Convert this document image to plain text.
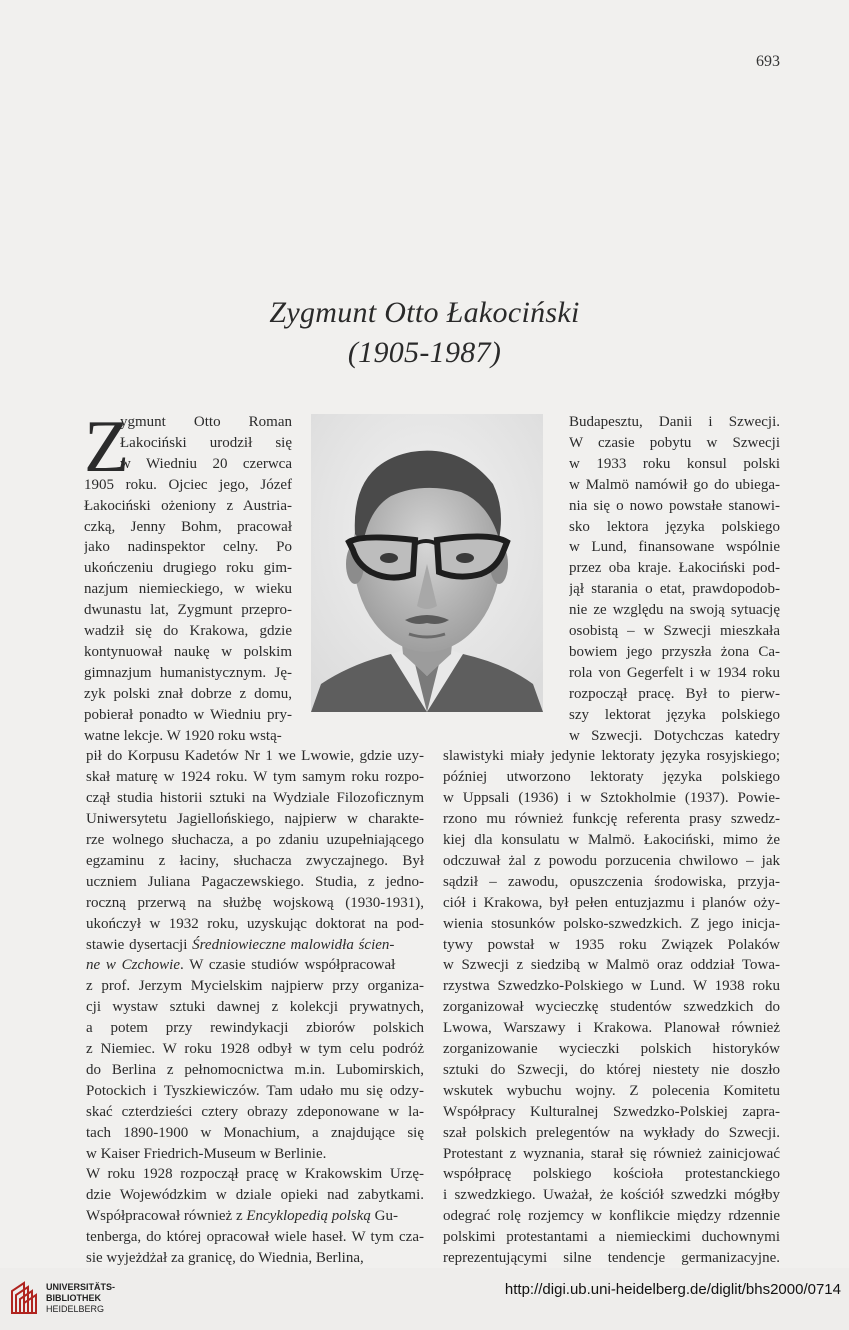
693
Zygmunt Otto Łakociński
(1905-1987)
Z
ygmunt Otto Roman
Łakociński urodził się
w Wiedniu 20 czerwca
1905 roku. Ojciec jego, Józef
Łakociński ożeniony z Austria-
czką, Jenny Bohm, pracował
jako nadinspektor celny. Po
ukończeniu drugiego roku gim-
nazjum niemieckiego, w wieku
dwunastu lat, Zygmunt przepro-
wadził się do Krakowa, gdzie
kontynuował naukę w polskim
gimnazjum humanistycznym. Ję-
zyk polski znał dobrze z domu,
pobierał ponadto w Wiedniu pry-
watne lekcje. W 1920 roku wstą-
pił do Korpusu Kadetów Nr 1 we Lwowie, gdzie uzy-
skał maturę w 1924 roku. W tym samym roku rozpo-
czął studia historii sztuki na Wydziale Filozoficznym
Uniwersytetu Jagiellońskiego, najpierw w charakte-
rze wolnego słuchacza, a po zdaniu uzupełniającego
egzaminu z łaciny, słuchacza zwyczajnego. Był
uczniem Juliana Pagaczewskiego. Studia, z jedno-
roczną przerwą na służbę wojskową (1930-1931),
ukończył w 1932 roku, uzyskując doktorat na pod-
stawie dysertacji Średniowieczne malowidła ścien-
ne w Czchowie. W czasie studiów współpracował
z prof. Jerzym Mycielskim najpierw przy organiza-
cji wystaw sztuki dawnej z kolekcji prywatnych,
a potem przy rewindykacji zbiorów polskich
z Niemiec. W roku 1928 odbył w tym celu podróż
do Berlina z pełnomocnictwa m.in. Lubomirskich,
Potockich i Tyszkiewiczów. Tam udało mu się odzy-
skać czterdzieści cztery obrazy zdeponowane w la-
tach 1890-1900 w Monachium, a znajdujące się
w Kaiser Friedrich-Museum w Berlinie.
W roku 1928 rozpoczął pracę w Krakowskim Urzę-
dzie Wojewódzkim w dziale opieki nad zabytkami.
Współpracował również z Encyklopedią polską Gu-
tenberga, do której opracował wiele haseł. W tym cza-
sie wyjeżdżał za granicę, do Wiednia, Berlina,
Budapesztu, Danii i Szwecji.
W czasie pobytu w Szwecji
w 1933 roku konsul polski
w Malmö namówił go do ubiega-
nia się o nowo powstałe stanowi-
sko lektora języka polskiego
w Lund, finansowane wspólnie
przez oba kraje. Łakociński pod-
jął starania o etat, prawdopodob-
nie ze względu na swoją sytuację
osobistą – w Szwecji mieszkała
bowiem jego przyszła żona Ca-
rola von Gegerfelt i w 1934 roku
rozpoczął pracę. Był to pierw-
szy lektorat języka polskiego
w Szwecji. Dotychczas katedry
slawistyki miały jedynie lektoraty języka rosyjskiego;
później utworzono lektoraty języka polskiego
w Uppsali (1936) i w Sztokholmie (1937). Powie-
rzono mu również funkcję referenta prasy szwedz-
kiej dla konsulatu w Malmö. Łakociński, mimo że
odczuwał żal z powodu porzucenia chwilowo – jak
sądził – zawodu, opuszczenia środowiska, przyja-
ciół i Krakowa, był pełen entuzjazmu i planów oży-
wienia stosunków polsko-szwedzkich. Z jego inicja-
tywy powstał w 1935 roku Związek Polaków
w Szwecji z siedzibą w Malmö oraz oddział Towa-
rzystwa Szwedzko-Polskiego w Lund. W 1938 roku
zorganizował wycieczkę studentów szwedzkich do
Lwowa, Warszawy i Krakowa. Planował również
zorganizowanie wycieczki polskich historyków
sztuki do Szwecji, do której niestety nie doszło
wskutek wybuchu wojny. Z polecenia Komitetu
Współpracy Kulturalnej Szwedzko-Polskiej zapra-
szał polskich prelegentów na wykłady do Szwecji.
Protestant z wyznania, starał się również zainicjować
współpracę polskiego kościoła protestanckiego
i szwedzkiego. Uważał, że kościół szwedzki mógłby
odegrać rolę rozjemcy w konflikcie między rdzennie
polskimi protestantami a niemieckimi duchownymi
reprezentującymi silne tendencje germanizacyjne.
UNIVERSITÄTS-
BIBLIOTHEK
HEIDELBERG
http://digi.ub.uni-heidelberg.de/diglit/bhs2000/0714
